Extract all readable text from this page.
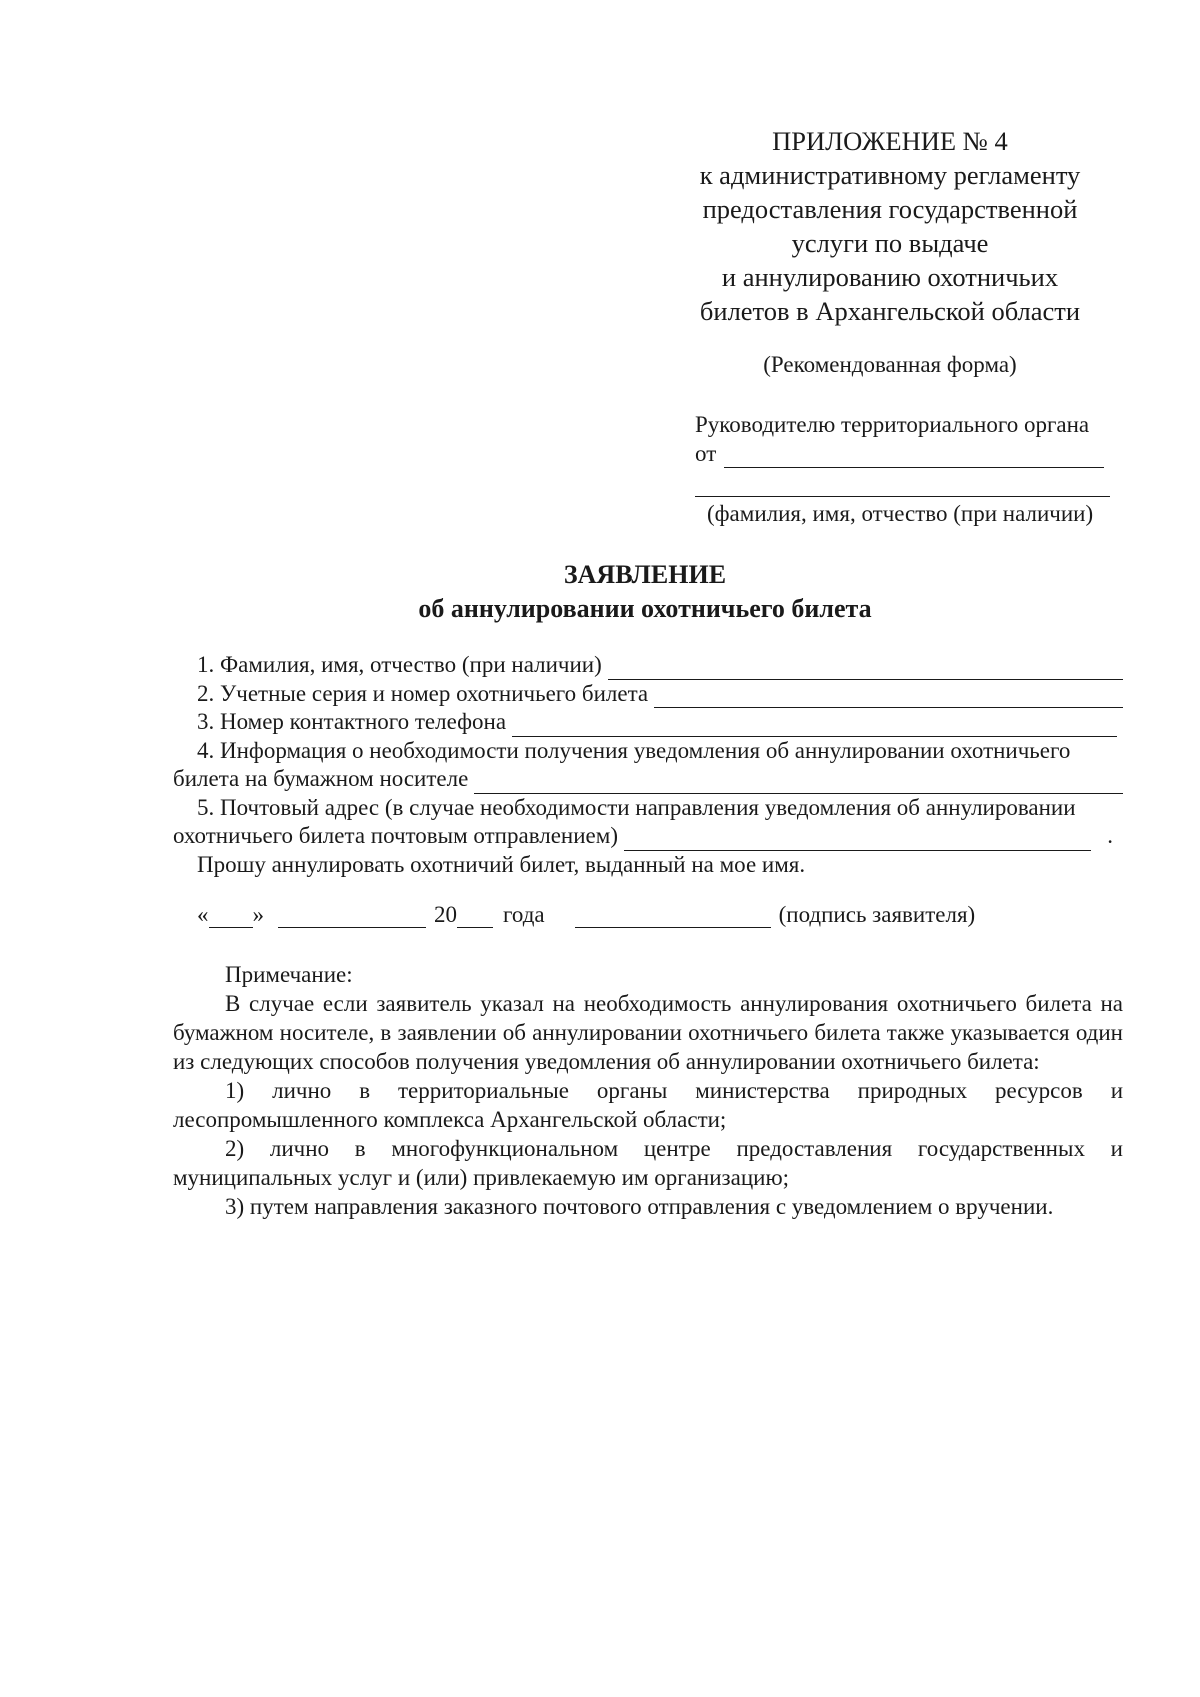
ПРИЛОЖЕНИЕ № 4
к административному регламенту
предоставления государственной
услуги по выдаче
и аннулированию охотничьих
билетов в Архангельской области
(Рекомендованная форма)
Руководителю территориального органа
от
(фамилия, имя, отчество (при наличии)
ЗАЯВЛЕНИЕ
об аннулировании охотничьего билета
1. Фамилия, имя, отчество (при наличии)
2. Учетные серия и номер охотничьего билета
3. Номер контактного телефона
4. Информация о необходимости получения уведомления об аннулировании охотничьего
билета на бумажном носителе
5. Почтовый адрес (в случае необходимости направления уведомления об аннулировании
охотничьего билета почтовым отправлением)	.
Прошу аннулировать охотничий билет, выданный на мое имя.
« »	20 года	(подпись заявителя)
Примечание:

В случае если заявитель указал на необходимость аннулирования охотничьего билета на бумажном носителе, в заявлении об аннулировании охотничьего билета также указывается один из следующих способов получения уведомления об аннулировании охотничьего билета:

1) лично в территориальные органы министерства природных ресурсов и лесопромышленного комплекса Архангельской области;

2) лично в многофункциональном центре предоставления государственных и муниципальных услуг и (или) привлекаемую им организацию;

3) путем направления заказного почтового отправления с уведомлением о вручении.
